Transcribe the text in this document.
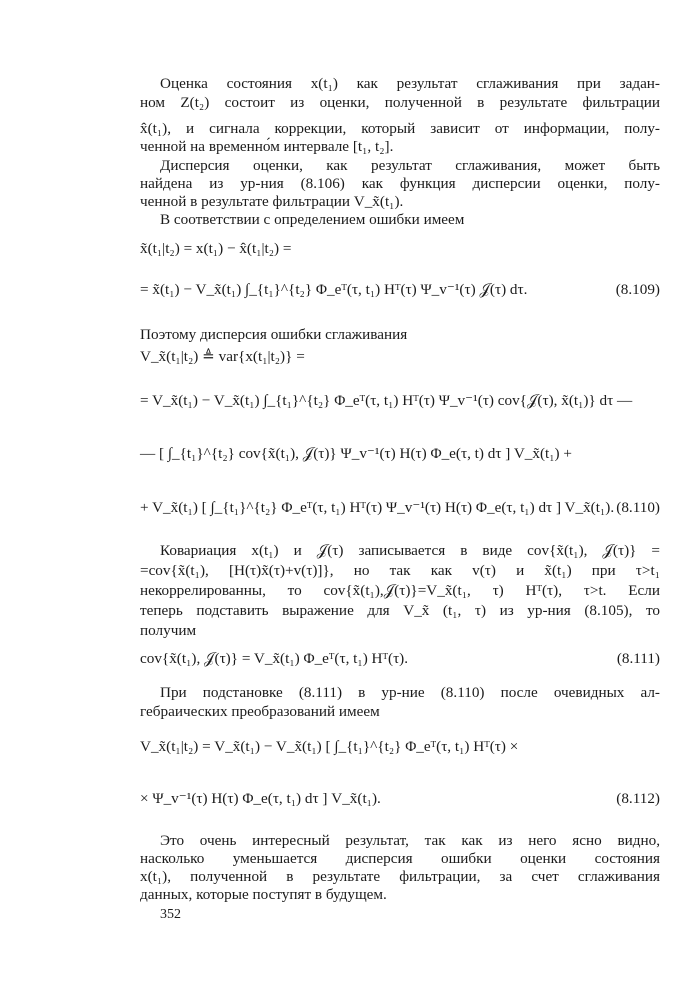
Оценка состояния x(t₁) как результат сглаживания при задан-
ном Z(t₂) состоит из оценки, полученной в результате фильтрации
x̂(t₁), и сигнала коррекции, который зависит от информации, полу-
ченной на временно́м интервале [t₁, t₂].
Дисперсия оценки, как результат сглаживания, может быть
найдена из ур-ния (8.106) как функция дисперсии оценки, полу-
ченной в результате фильтрации V_x̃(t₁).
В соответствии с определением ошибки имеем
x̃(t₁|t₂) = x(t₁) − x̂(t₁|t₂) =
= x̃(t₁) − V_x̃(t₁) ∫_{t₁}^{t₂} Φ_eᵀ(τ, t₁) Hᵀ(τ) Ψ_v⁻¹(τ) 𝒥(τ) dτ.	(8.109)
Поэтому дисперсия ошибки сглаживания
V_x̃(t₁|t₂) ≜ var{x(t₁|t₂)} =
= V_x̃(t₁) − V_x̃(t₁) ∫_{t₁}^{t₂} Φ_eᵀ(τ, t₁) Hᵀ(τ) Ψ_v⁻¹(τ) cov{𝒥(τ), x̃(t₁)} dτ —
— [ ∫_{t₁}^{t₂} cov{x̃(t₁), 𝒥(τ)} Ψ_v⁻¹(τ) H(τ) Φ_e(τ, t) dτ ] V_x̃(t₁) +
+ V_x̃(t₁) [ ∫_{t₁}^{t₂} Φ_eᵀ(τ, t₁) Hᵀ(τ) Ψ_v⁻¹(τ) H(τ) Φ_e(τ, t₁) dτ ] V_x̃(t₁). (8.110)
Ковариация x(t₁) и 𝒥(τ) записывается в виде cov{x̃(t₁), 𝒥(τ)} =
=cov{x̃(t₁), [H(τ)x̃(τ)+v(τ)]}, но так как v(τ) и x̃(t₁) при τ>t₁
некоррелированны, то cov{x̃(t₁),𝒥(τ)}=V_x̃(t₁, τ) Hᵀ(τ), τ>t. Если
теперь подставить выражение для V_x̃ (t₁, τ) из ур-ния (8.105), то
получим
cov{x̃(t₁), 𝒥(τ)} = V_x̃(t₁) Φ_eᵀ(τ, t₁) Hᵀ(τ).	(8.111)
При подстановке (8.111) в ур-ние (8.110) после очевидных ал-
гебраических преобразований имеем
V_x̃(t₁|t₂) = V_x̃(t₁) − V_x̃(t₁) [ ∫_{t₁}^{t₂} Φ_eᵀ(τ, t₁) Hᵀ(τ) ×
× Ψ_v⁻¹(τ) H(τ) Φ_e(τ, t₁) dτ ] V_x̃(t₁).	(8.112)
Это очень интересный результат, так как из него ясно видно,
насколько уменьшается дисперсия ошибки оценки состояния
x(t₁), полученной в результате фильтрации, за счет сглаживания
данных, которые поступят в будущем.
352
